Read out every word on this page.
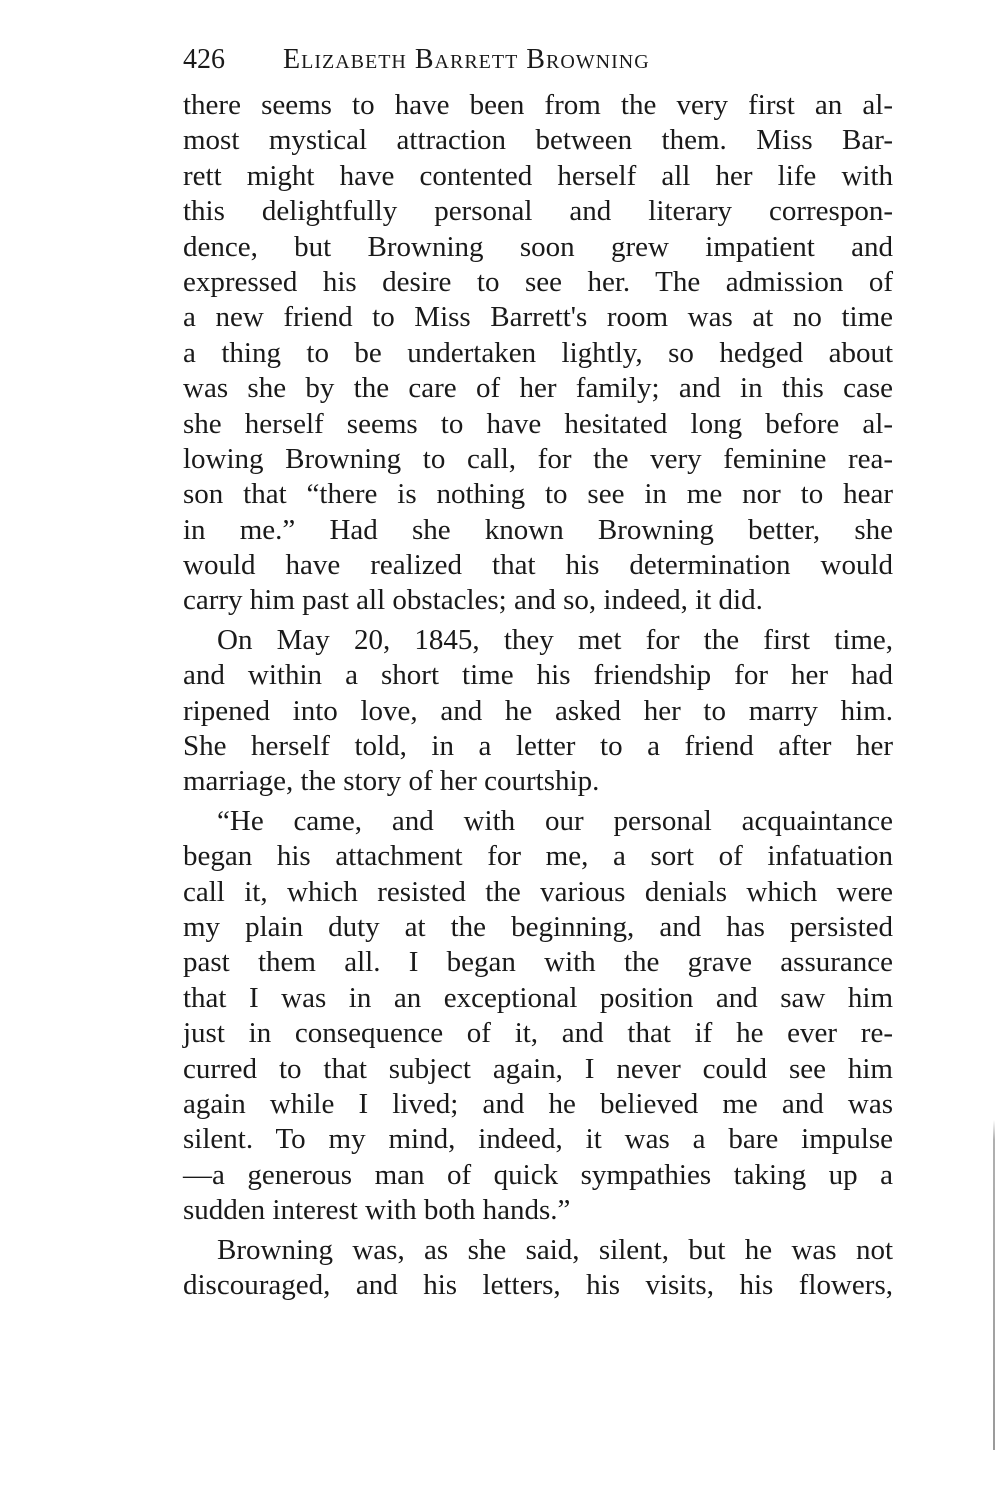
426 Elizabeth Barrett Browning
there seems to have been from the very first an al-
most mystical attraction between them. Miss Bar-
rett might have contented herself all her life with
this delightfully personal and literary correspon-
dence, but Browning soon grew impatient and
expressed his desire to see her. The admission of
a new friend to Miss Barrett's room was at no time
a thing to be undertaken lightly, so hedged about
was she by the care of her family; and in this case
she herself seems to have hesitated long before al-
lowing Browning to call, for the very feminine rea-
son that “there is nothing to see in me nor to hear
in me.” Had she known Browning better, she
would have realized that his determination would
carry him past all obstacles; and so, indeed, it did.
On May 20, 1845, they met for the first time,
and within a short time his friendship for her had
ripened into love, and he asked her to marry him.
She herself told, in a letter to a friend after her
marriage, the story of her courtship.
“He came, and with our personal acquaintance
began his attachment for me, a sort of infatuation
call it, which resisted the various denials which were
my plain duty at the beginning, and has persisted
past them all. I began with the grave assurance
that I was in an exceptional position and saw him
just in consequence of it, and that if he ever re-
curred to that subject again, I never could see him
again while I lived; and he believed me and was
silent. To my mind, indeed, it was a bare impulse
—a generous man of quick sympathies taking up a
sudden interest with both hands.”
Browning was, as she said, silent, but he was not
discouraged, and his letters, his visits, his flowers,
